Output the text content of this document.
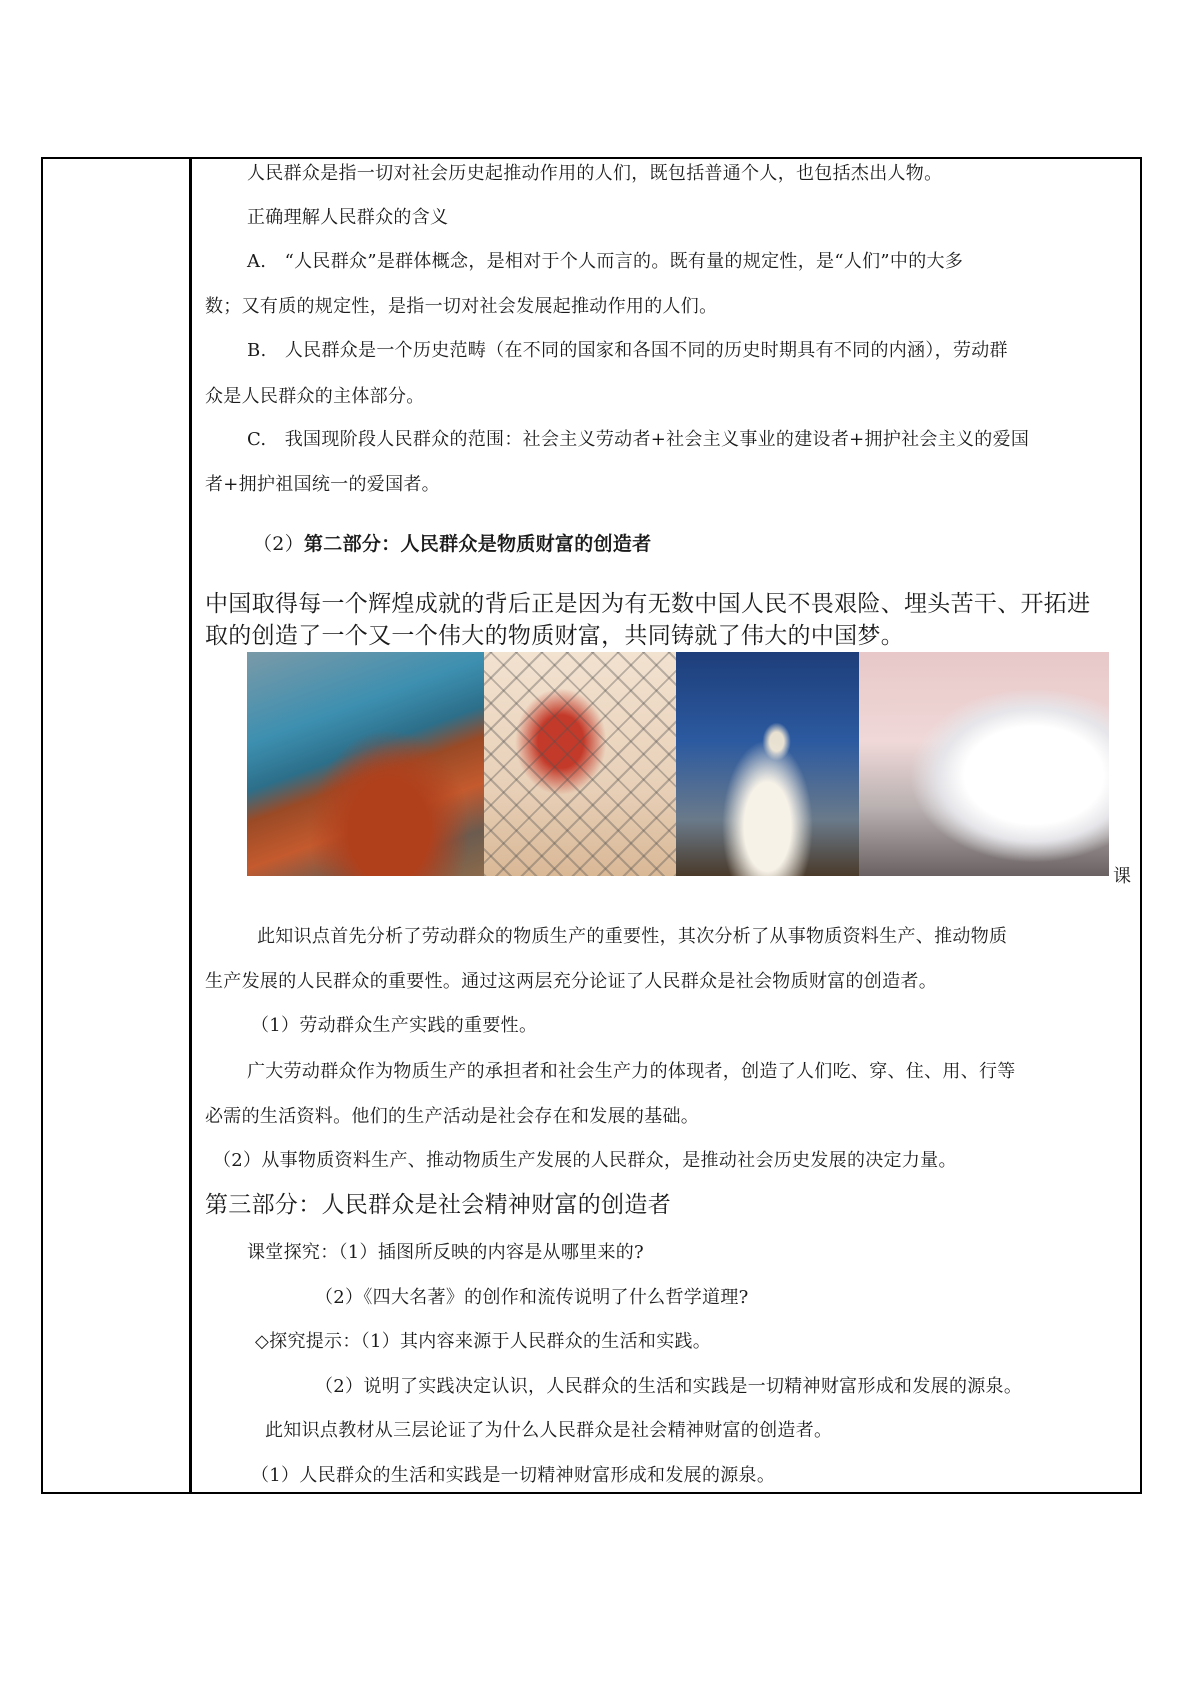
人民群众是指一切对社会历史起推动作用的人们，既包括普通个人，也包括杰出人物。
正确理解人民群众的含义
A.　“人民群众”是群体概念，是相对于个人而言的。既有量的规定性，是“人们”中的大多
数；又有质的规定性，是指一切对社会发展起推动作用的人们。
B.　人民群众是一个历史范畴（在不同的国家和各国不同的历史时期具有不同的内涵），劳动群
众是人民群众的主体部分。
C.　我国现阶段人民群众的范围：社会主义劳动者+社会主义事业的建设者+拥护社会主义的爱国
者+拥护祖国统一的爱国者。
（2）第二部分：人民群众是物质财富的创造者
中国取得每一个辉煌成就的背后正是因为有无数中国人民不畏艰险、埋头苦干、开拓进
取的创造了一个又一个伟大的物质财富，共同铸就了伟大的中国梦。
课
此知识点首先分析了劳动群众的物质生产的重要性，其次分析了从事物质资料生产、推动物质
生产发展的人民群众的重要性。通过这两层充分论证了人民群众是社会物质财富的创造者。
（1）劳动群众生产实践的重要性。
广大劳动群众作为物质生产的承担者和社会生产力的体现者，创造了人们吃、穿、住、用、行等
必需的生活资料。他们的生产活动是社会存在和发展的基础。
（2）从事物质资料生产、推动物质生产发展的人民群众，是推动社会历史发展的决定力量。
第三部分：人民群众是社会精神财富的创造者
课堂探究：（1）插图所反映的内容是从哪里来的?
（2）《四大名著》的创作和流传说明了什么哲学道理?
◇探究提示：（1）其内容来源于人民群众的生活和实践。
（2）说明了实践决定认识，人民群众的生活和实践是一切精神财富形成和发展的源泉。
此知识点教材从三层论证了为什么人民群众是社会精神财富的创造者。
（1）人民群众的生活和实践是一切精神财富形成和发展的源泉。
